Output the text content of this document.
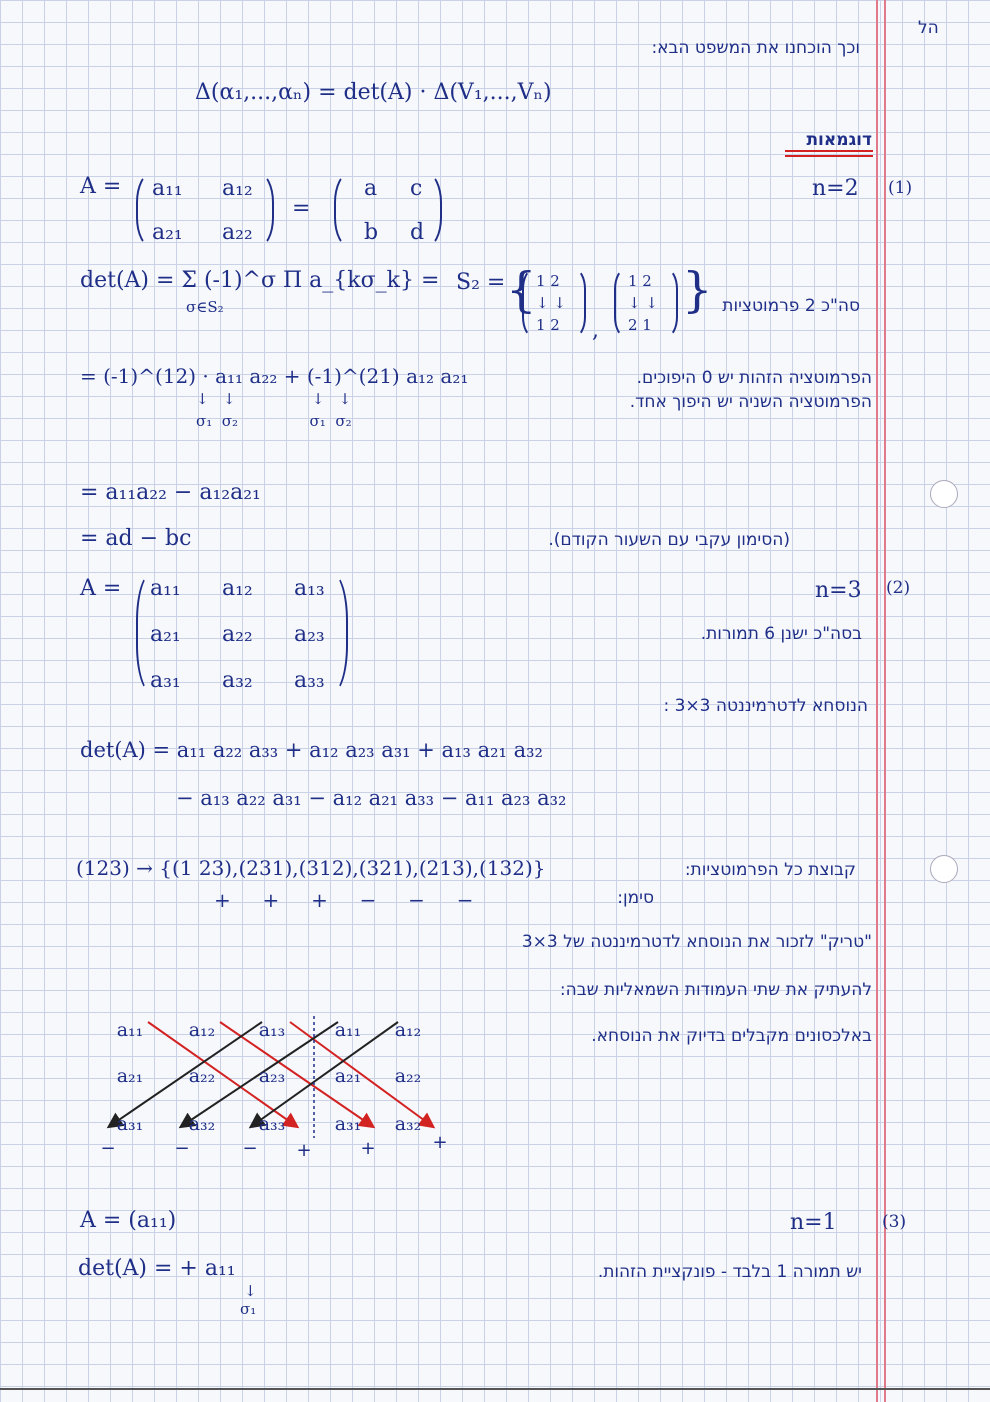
הל
וכך הוכחנו את המשפט הבא:
Δ(α₁,...,αₙ) = det(A) · Δ(V₁,...,Vₙ)
דוגמאות
(1)
n=2
A = a₁₁ a₁₂
a₂₁ a₂₂
=
a c
b d
det(A) = Σ (-1)^σ Π a_{kσ_k} =
σ∈S₂
S₂ = { 1 2
↓ ↓
1 2 ,
1 2
↓ ↓
2 1
} סה"כ 2 פרמוטציות
= (-1)^(12) · a₁₁ a₂₂ + (-1)^(21) a₁₂ a₂₁
↓   ↓                ↓   ↓
σ₁  σ₂               σ₁  σ₂
הפרמוטציה הזהות יש 0 היפוכים.
הפרמוטציה השניה יש היפוך אחד.
= a₁₁a₂₂ − a₁₂a₂₁
= ad − bc	(הסימון עקבי עם השעור הקודם).
(2)
n=3
A = a₁₁ a₁₂ a₁₃
a₂₁ a₂₂ a₂₃
a₃₁ a₃₂ a₃₃
בסה"כ ישנן 6 תמורות.
הנוסחא לדטרמיננטה 3×3 :
det(A) = a₁₁ a₂₂ a₃₃ + a₁₂ a₂₃ a₃₁ + a₁₃ a₂₁ a₃₂
− a₁₃ a₂₂ a₃₁ − a₁₂ a₂₁ a₃₃ − a₁₁ a₂₃ a₃₂
(123) → {(1 23),(231),(312),(321),(213),(132)}	קבוצת כל הפרמוטציות:
+     +     +     −     −     −	סימן:
"טריק" לזכור את הנוסחא לדטרמיננטה של 3×3
להעתיק את שתי העמודות השמאליות שבה:
באלכסונים מקבלים בדיוק את הנוסחא.
a₁₁ a₁₂ a₁₃	a₁₁ a₁₂
a₂₁ a₂₂ a₂₃	a₂₁ a₂₂
a₃₁ a₃₂ a₃₃	a₃₁ a₃₂
−	−	− +	+	+
(3)
n=1
A = (a₁₁)
det(A) = + a₁₁
↓
σ₁
יש תמורה 1 בלבד - פונקציית הזהות.
